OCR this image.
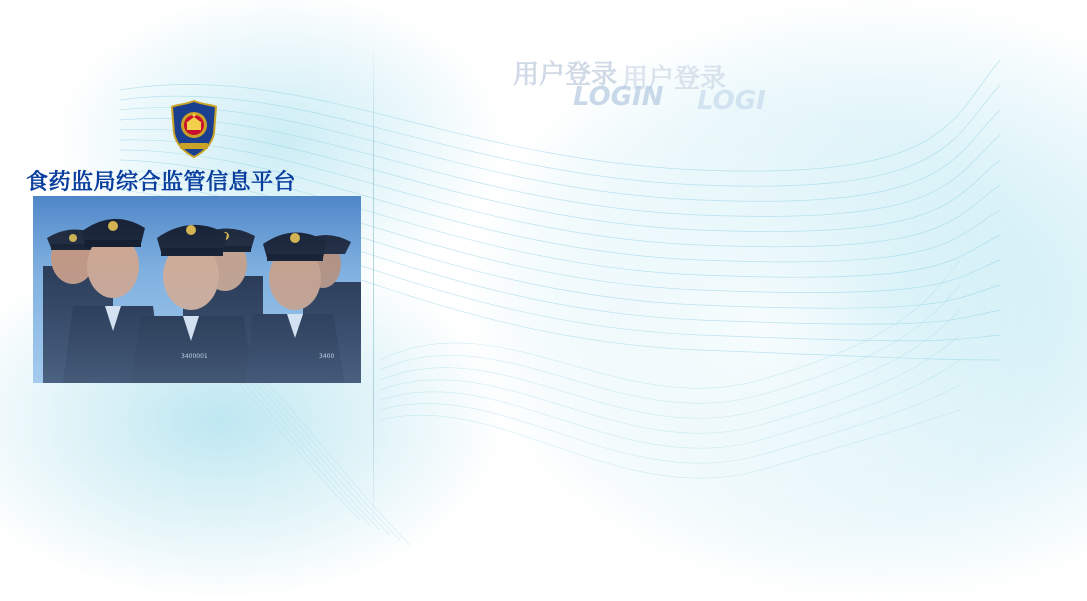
用户登录 用户登录
LOGIN LOGI
食药监局综合监管信息平台
